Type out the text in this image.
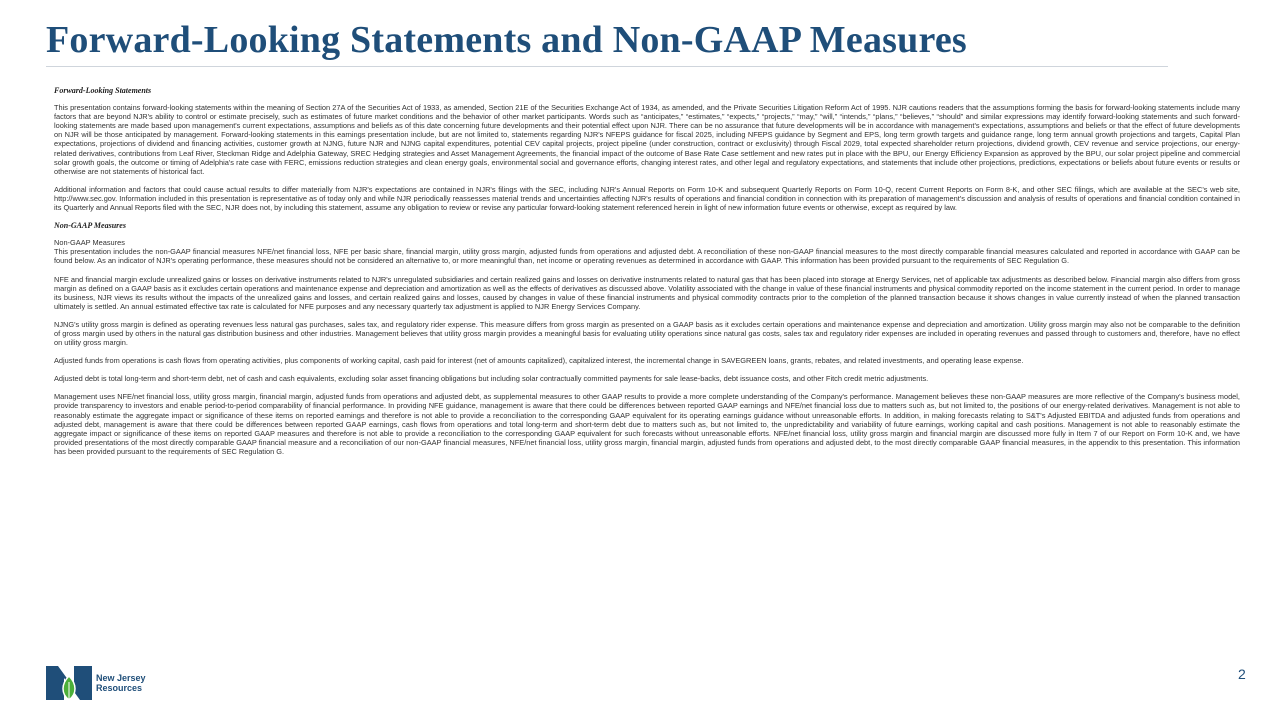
Forward-Looking Statements and Non-GAAP Measures
Forward-Looking Statements

This presentation contains forward-looking statements within the meaning of Section 27A of the Securities Act of 1933, as amended, Section 21E of the Securities Exchange Act of 1934, as amended, and the Private Securities Litigation Reform Act of 1995. NJR cautions readers that the assumptions forming the basis for forward-looking statements include many factors that are beyond NJR's ability to control or estimate precisely, such as estimates of future market conditions and the behavior of other market participants. Words such as “anticipates,” “estimates,” “expects,” “projects,” “may,” “will,” “intends,” “plans,” “believes,” “should” and similar expressions may identify forward-looking statements and such forward-looking statements are made based upon management's current expectations, assumptions and beliefs as of this date concerning future developments and their potential effect upon NJR. There can be no assurance that future developments will be in accordance with management's expectations, assumptions and beliefs or that the effect of future developments on NJR will be those anticipated by management. Forward-looking statements in this earnings presentation include, but are not limited to, statements regarding NJR's NFEPS guidance for fiscal 2025, including NFEPS guidance by Segment and EPS, long term growth targets and guidance range, long term annual growth projections and targets, Capital Plan expectations, projections of dividend and financing activities, customer growth at NJNG, future NJR and NJNG capital expenditures, potential CEV capital projects, project pipeline (under construction, contract or exclusivity) through Fiscal 2029, total expected shareholder return projections, dividend growth, CEV revenue and service projections, our energy-related derivatives, contributions from Leaf River, Steckman Ridge and Adelphia Gateway, SREC Hedging strategies and Asset Management Agreements, the financial impact of the outcome of Base Rate Case settlement and new rates put in place with the BPU, our Energy Efficiency Expansion as approved by the BPU, our solar project pipeline and commercial solar growth goals, the outcome or timing of Adelphia's rate case with FERC, emissions reduction strategies and clean energy goals, environmental social and governance efforts, changing interest rates, and other legal and regulatory expectations, and statements that include other projections, predictions, expectations or beliefs about future events or results or otherwise are not statements of historical fact.

Additional information and factors that could cause actual results to differ materially from NJR's expectations are contained in NJR's filings with the SEC, including NJR's Annual Reports on Form 10-K and subsequent Quarterly Reports on Form 10-Q, recent Current Reports on Form 8-K, and other SEC filings, which are available at the SEC's web site, http://www.sec.gov. Information included in this presentation is representative as of today only and while NJR periodically reassesses material trends and uncertainties affecting NJR's results of operations and financial condition in connection with its preparation of management's discussion and analysis of results of operations and financial condition contained in its Quarterly and Annual Reports filed with the SEC, NJR does not, by including this statement, assume any obligation to review or revise any particular forward-looking statement referenced herein in light of new information future events or otherwise, except as required by law.

Non-GAAP Measures
Non-GAAP Measures

This presentation includes the non-GAAP financial measures NFE/net financial loss, NFE per basic share, financial margin, utility gross margin, adjusted funds from operations and adjusted debt. A reconciliation of these non-GAAP financial measures to the most directly comparable financial measures calculated and reported in accordance with GAAP can be found below. As an indicator of NJR's operating performance, these measures should not be considered an alternative to, or more meaningful than, net income or operating revenues as determined in accordance with GAAP. This information has been provided pursuant to the requirements of SEC Regulation G.

NFE and financial margin exclude unrealized gains or losses on derivative instruments related to NJR's unregulated subsidiaries and certain realized gains and losses on derivative instruments related to natural gas that has been placed into storage at Energy Services, net of applicable tax adjustments as described below. Financial margin also differs from gross margin as defined on a GAAP basis as it excludes certain operations and maintenance expense and depreciation and amortization as well as the effects of derivatives as discussed above. Volatility associated with the change in value of these financial instruments and physical commodity reported on the income statement in the current period. In order to manage its business, NJR views its results without the impacts of the unrealized gains and losses, and certain realized gains and losses, caused by changes in value of these financial instruments and physical commodity contracts prior to the completion of the planned transaction because it shows changes in value currently instead of when the planned transaction ultimately is settled. An annual estimated effective tax rate is calculated for NFE purposes and any necessary quarterly tax adjustment is applied to NJR Energy Services Company.

NJNG's utility gross margin is defined as operating revenues less natural gas purchases, sales tax, and regulatory rider expense. This measure differs from gross margin as presented on a GAAP basis as it excludes certain operations and maintenance expense and depreciation and amortization. Utility gross margin may also not be comparable to the definition of gross margin used by others in the natural gas distribution business and other industries. Management believes that utility gross margin provides a meaningful basis for evaluating utility operations since natural gas costs, sales tax and regulatory rider expenses are included in operating revenues and passed through to customers and, therefore, have no effect on utility gross margin.

Adjusted funds from operations is cash flows from operating activities, plus components of working capital, cash paid for interest (net of amounts capitalized), capitalized interest, the incremental change in SAVEGREEN loans, grants, rebates, and related investments, and operating lease expense.

Adjusted debt is total long-term and short-term debt, net of cash and cash equivalents, excluding solar asset financing obligations but including solar contractually committed payments for sale lease-backs, debt issuance costs, and other Fitch credit metric adjustments.

Management uses NFE/net financial loss, utility gross margin, financial margin, adjusted funds from operations and adjusted debt, as supplemental measures to other GAAP results to provide a more complete understanding of the Company's performance. Management believes these non-GAAP measures are more reflective of the Company's business model, provide transparency to investors and enable period-to-period comparability of financial performance. In providing NFE guidance, management is aware that there could be differences between reported GAAP earnings and NFE/net financial loss due to matters such as, but not limited to, the positions of our energy-related derivatives. Management is not able to reasonably estimate the aggregate impact or significance of these items on reported earnings and therefore is not able to provide a reconciliation to the corresponding GAAP equivalent for its operating earnings guidance without unreasonable efforts. In addition, in making forecasts relating to S&T's Adjusted EBITDA and adjusted funds from operations and adjusted debt, management is aware that there could be differences between reported GAAP earnings, cash flows from operations and total long-term and short-term debt due to matters such as, but not limited to, the unpredictability and variability of future earnings, working capital and cash positions. Management is not able to reasonably estimate the aggregate impact or significance of these items on reported GAAP measures and therefore is not able to provide a reconciliation to the corresponding GAAP equivalent for such forecasts without unreasonable efforts. NFE/net financial loss, utility gross margin and financial margin are discussed more fully in Item 7 of our Report on Form 10-K and, we have provided presentations of the most directly comparable GAAP financial measure and a reconciliation of our non-GAAP financial measures, NFE/net financial loss, utility gross margin, financial margin, adjusted funds from operations and adjusted debt, to the most directly comparable GAAP financial measures, in the appendix to this presentation. This information has been provided pursuant to the requirements of SEC Regulation G.

New Jersey
Resources
2
